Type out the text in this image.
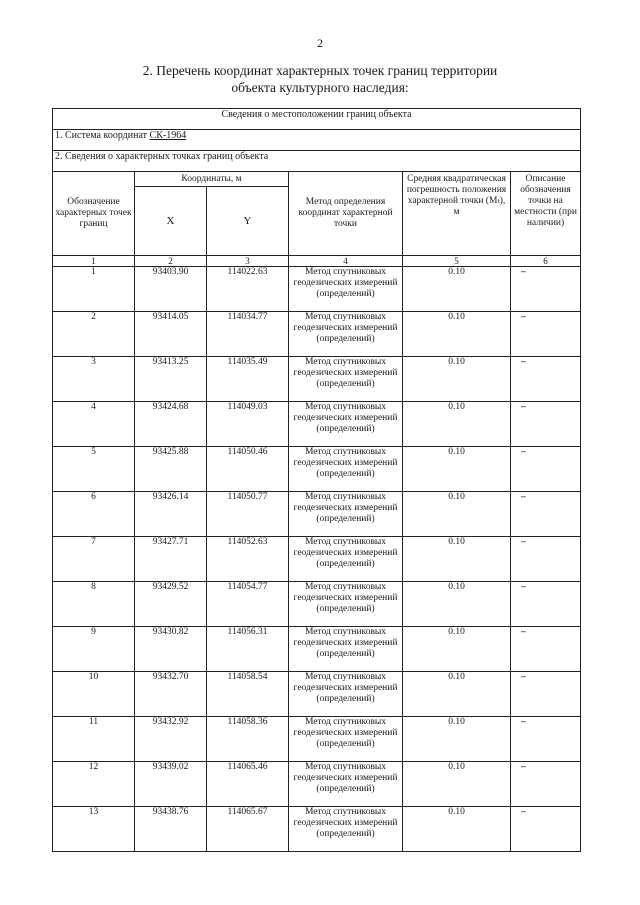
2
2. Перечень координат характерных точек границ территории
объекта культурного наследия:
Сведения о местоположении границ объекта					
1. Система координат СК-1964					
2. Сведения о характерных точках границ объекта					
Обозначение характерных точек границ	Координаты, м		Метод определения координат характерной точки	Средняя квадратическая погрешность положения характерной точки (Mₜ), м	Описание обозначения точки на местности (при наличии)
	X	Y			
1	2	3	4	5	6
1	93403.90	114022.63	Метод спутниковых геодезических измерений (определений)	0.10	–
2	93414.05	114034.77	Метод спутниковых геодезических измерений (определений)	0.10	–
3	93413.25	114035.49	Метод спутниковых геодезических измерений (определений)	0.10	–
4	93424.68	114049.03	Метод спутниковых геодезических измерений (определений)	0.10	–
5	93425.88	114050.46	Метод спутниковых геодезических измерений (определений)	0.10	–
6	93426.14	114050.77	Метод спутниковых геодезических измерений (определений)	0.10	–
7	93427.71	114052.63	Метод спутниковых геодезических измерений (определений)	0.10	–
8	93429.52	114054.77	Метод спутниковых геодезических измерений (определений)	0.10	–
9	93430.82	114056.31	Метод спутниковых геодезических измерений (определений)	0.10	–
10	93432.70	114058.54	Метод спутниковых геодезических измерений (определений)	0.10	–
11	93432.92	114058.36	Метод спутниковых геодезических измерений (определений)	0.10	–
12	93439.02	114065.46	Метод спутниковых геодезических измерений (определений)	0.10	–
13	93438.76	114065.67	Метод спутниковых геодезических измерений (определений)	0.10	–
